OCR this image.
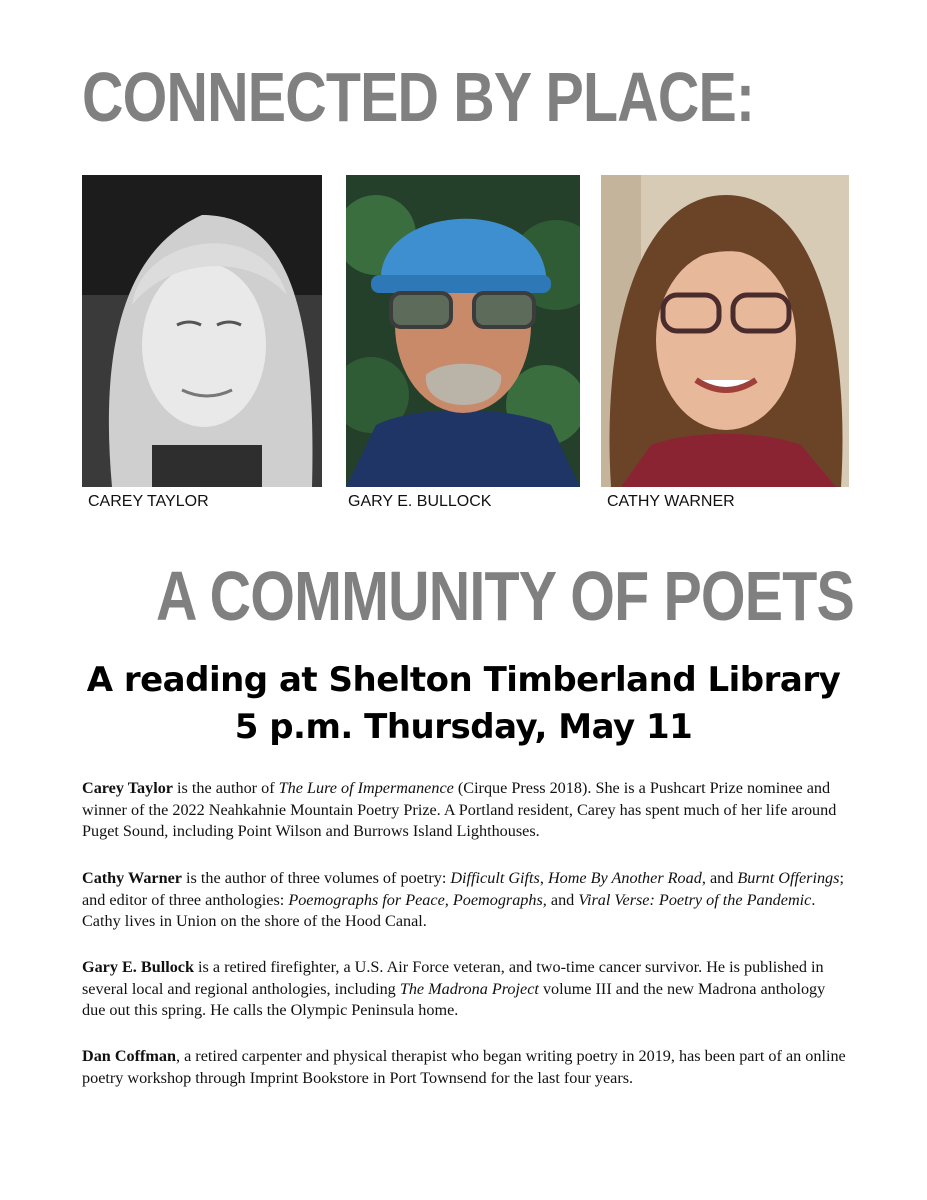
CONNECTED BY PLACE:

CAREY TAYLOR	GARY E. BULLOCK	CATHY WARNER

A COMMUNITY OF POETS

A reading at Shelton Timberland Library

5 p.m. Thursday, May 11

Carey Taylor is the author of The Lure of Impermanence (Cirque Press 2018). She is a Pushcart Prize nominee and winner of the 2022 Neahkahnie Mountain Poetry Prize. A Portland resident, Carey has spent much of her life around Puget Sound, including Point Wilson and Burrows Island Lighthouses.

Cathy Warner is the author of three volumes of poetry: Difficult Gifts, Home By Another Road, and Burnt Offerings; and editor of three anthologies: Poemographs for Peace, Poemographs, and Viral Verse: Poetry of the Pandemic. Cathy lives in Union on the shore of the Hood Canal.

Gary E. Bullock is a retired firefighter, a U.S. Air Force veteran, and two-time cancer survivor. He is published in several local and regional anthologies, including The Madrona Project volume III and the new Madrona anthology due out this spring. He calls the Olympic Peninsula home.

Dan Coffman, a retired carpenter and physical therapist who began writing poetry in 2019, has been part of an online poetry workshop through Imprint Bookstore in Port Townsend for the last four years.
